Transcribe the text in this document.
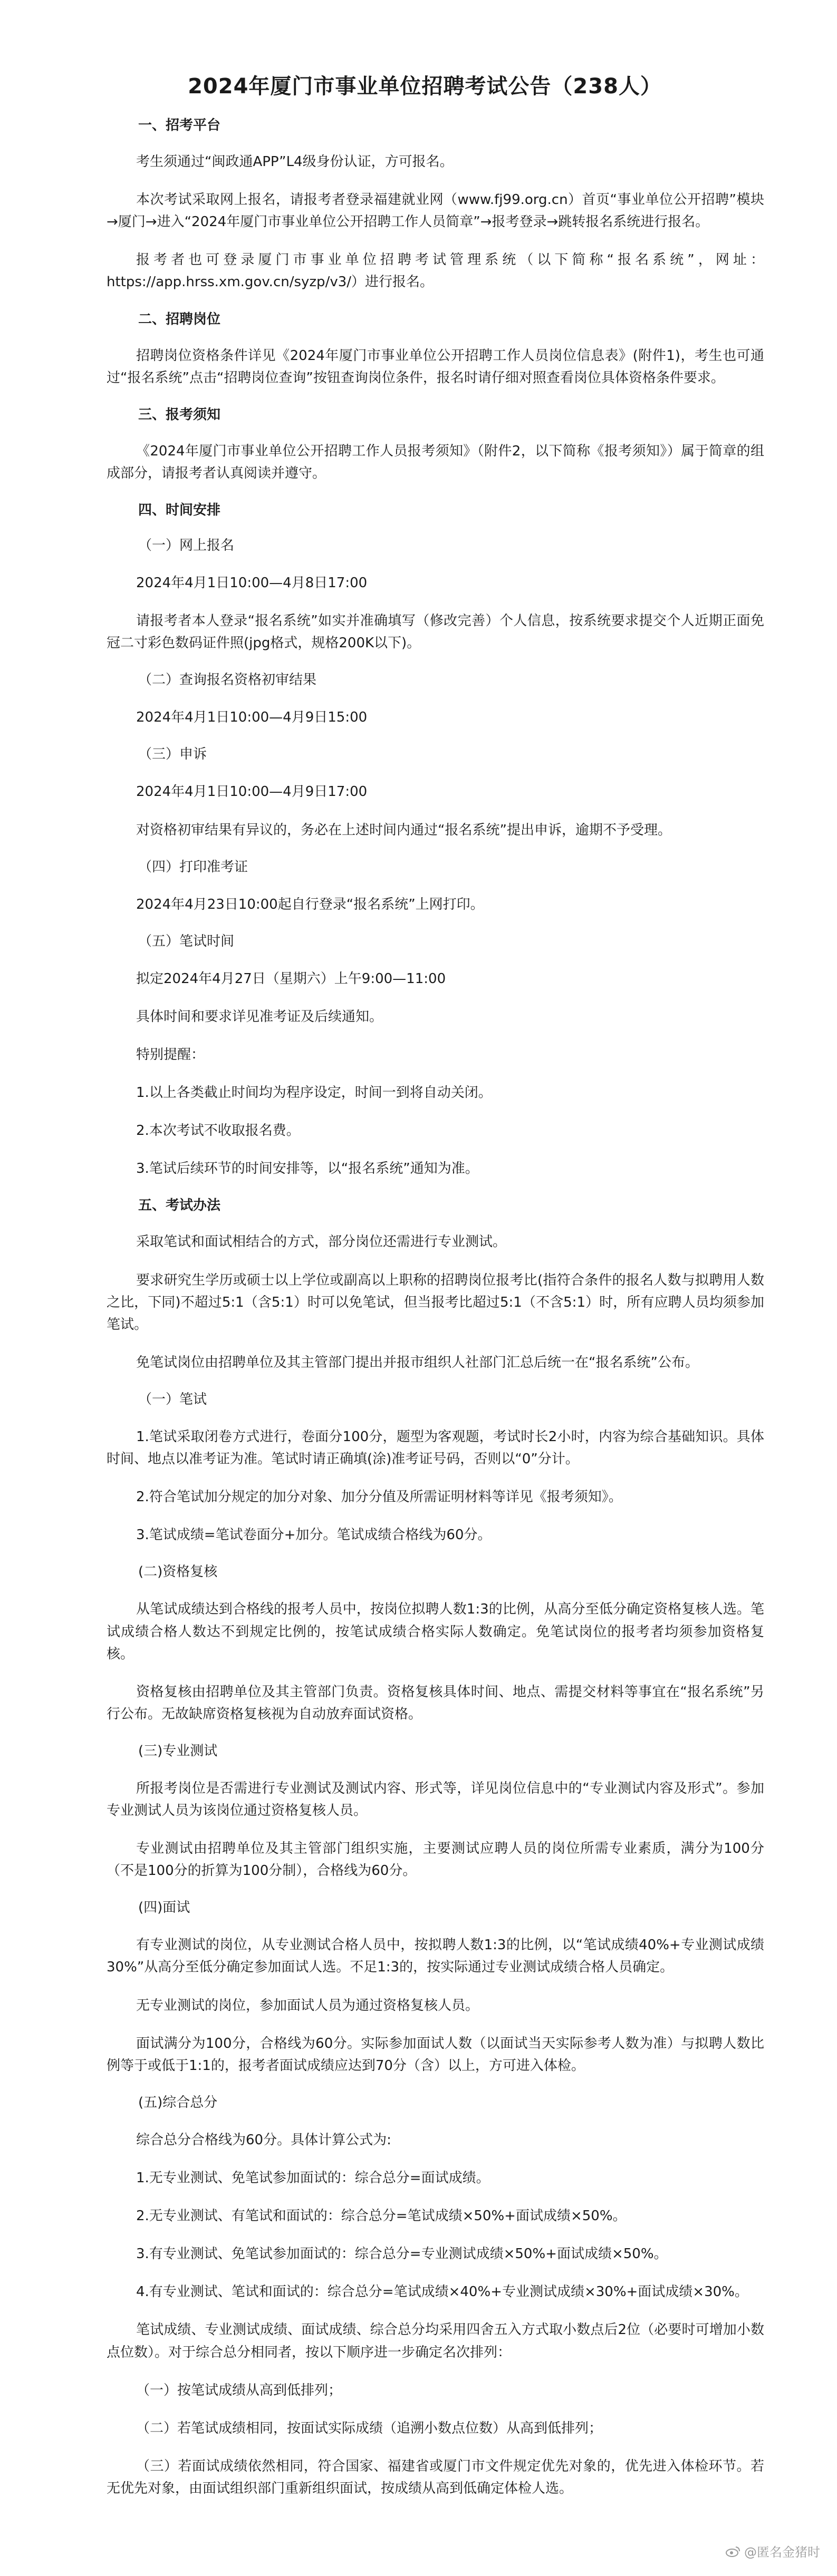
2024年厦门市事业单位招聘考试公告（238人）
一、招考平台
考生须通过“闽政通APP”L4级身份认证，方可报名。
本次考试采取网上报名，请报考者登录福建就业网（www.fj99.org.cn）首页“事业单位公开招聘”模块→厦门→进入“2024年厦门市事业单位公开招聘工作人员简章”→报考登录→跳转报名系统进行报名。
报考者也可登录厦门市事业单位招聘考试管理系统（以下简称“报名系统”，网址：https://app.hrss.xm.gov.cn/syzp/v3/）进行报名。
二、招聘岗位
招聘岗位资格条件详见《2024年厦门市事业单位公开招聘工作人员岗位信息表》(附件1)，考生也可通过“报名系统”点击“招聘岗位查询”按钮查询岗位条件，报名时请仔细对照查看岗位具体资格条件要求。
三、报考须知
《2024年厦门市事业单位公开招聘工作人员报考须知》（附件2，以下简称《报考须知》）属于简章的组成部分，请报考者认真阅读并遵守。
四、时间安排
（一）网上报名
2024年4月1日10:00—4月8日17:00
请报考者本人登录“报名系统”如实并准确填写（修改完善）个人信息，按系统要求提交个人近期正面免冠二寸彩色数码证件照(jpg格式，规格200K以下)。
（二）查询报名资格初审结果
2024年4月1日10:00—4月9日15:00
（三）申诉
2024年4月1日10:00—4月9日17:00
对资格初审结果有异议的，务必在上述时间内通过“报名系统”提出申诉，逾期不予受理。
（四）打印准考证
2024年4月23日10:00起自行登录“报名系统”上网打印。
（五）笔试时间
拟定2024年4月27日（星期六）上午9:00—11:00
具体时间和要求详见准考证及后续通知。
特别提醒：
1.以上各类截止时间均为程序设定，时间一到将自动关闭。
2.本次考试不收取报名费。
3.笔试后续环节的时间安排等，以“报名系统”通知为准。
五、考试办法
采取笔试和面试相结合的方式，部分岗位还需进行专业测试。
要求研究生学历或硕士以上学位或副高以上职称的招聘岗位报考比(指符合条件的报名人数与拟聘用人数之比，下同)不超过5:1（含5:1）时可以免笔试，但当报考比超过5:1（不含5:1）时，所有应聘人员均须参加笔试。
免笔试岗位由招聘单位及其主管部门提出并报市组织人社部门汇总后统一在“报名系统”公布。
（一）笔试
1.笔试采取闭卷方式进行，卷面分100分，题型为客观题，考试时长2小时，内容为综合基础知识。具体时间、地点以准考证为准。笔试时请正确填(涂)准考证号码，否则以“0”分计。
2.符合笔试加分规定的加分对象、加分分值及所需证明材料等详见《报考须知》。
3.笔试成绩=笔试卷面分+加分。笔试成绩合格线为60分。
(二)资格复核
从笔试成绩达到合格线的报考人员中，按岗位拟聘人数1:3的比例，从高分至低分确定资格复核人选。笔试成绩合格人数达不到规定比例的，按笔试成绩合格实际人数确定。免笔试岗位的报考者均须参加资格复核。
资格复核由招聘单位及其主管部门负责。资格复核具体时间、地点、需提交材料等事宜在“报名系统”另行公布。无故缺席资格复核视为自动放弃面试资格。
(三)专业测试
所报考岗位是否需进行专业测试及测试内容、形式等，详见岗位信息中的“专业测试内容及形式”。参加专业测试人员为该岗位通过资格复核人员。
专业测试由招聘单位及其主管部门组织实施，主要测试应聘人员的岗位所需专业素质，满分为100分（不是100分的折算为100分制），合格线为60分。
(四)面试
有专业测试的岗位，从专业测试合格人员中，按拟聘人数1:3的比例，以“笔试成绩40%+专业测试成绩30%”从高分至低分确定参加面试人选。不足1:3的，按实际通过专业测试成绩合格人员确定。
无专业测试的岗位，参加面试人员为通过资格复核人员。
面试满分为100分，合格线为60分。实际参加面试人数（以面试当天实际参考人数为准）与拟聘人数比例等于或低于1:1的，报考者面试成绩应达到70分（含）以上，方可进入体检。
(五)综合总分
综合总分合格线为60分。具体计算公式为:
1.无专业测试、免笔试参加面试的：综合总分=面试成绩。
2.无专业测试、有笔试和面试的：综合总分=笔试成绩×50%+面试成绩×50%。
3.有专业测试、免笔试参加面试的：综合总分=专业测试成绩×50%+面试成绩×50%。
4.有专业测试、笔试和面试的：综合总分=笔试成绩×40%+专业测试成绩×30%+面试成绩×30%。
笔试成绩、专业测试成绩、面试成绩、综合总分均采用四舍五入方式取小数点后2位（必要时可增加小数点位数）。对于综合总分相同者，按以下顺序进一步确定名次排列：
（一）按笔试成绩从高到低排列；
（二）若笔试成绩相同，按面试实际成绩（追溯小数点位数）从高到低排列；
（三）若面试成绩依然相同，符合国家、福建省或厦门市文件规定优先对象的，优先进入体检环节。若无优先对象，由面试组织部门重新组织面试，按成绩从高到低确定体检人选。
@匿名金猪时
